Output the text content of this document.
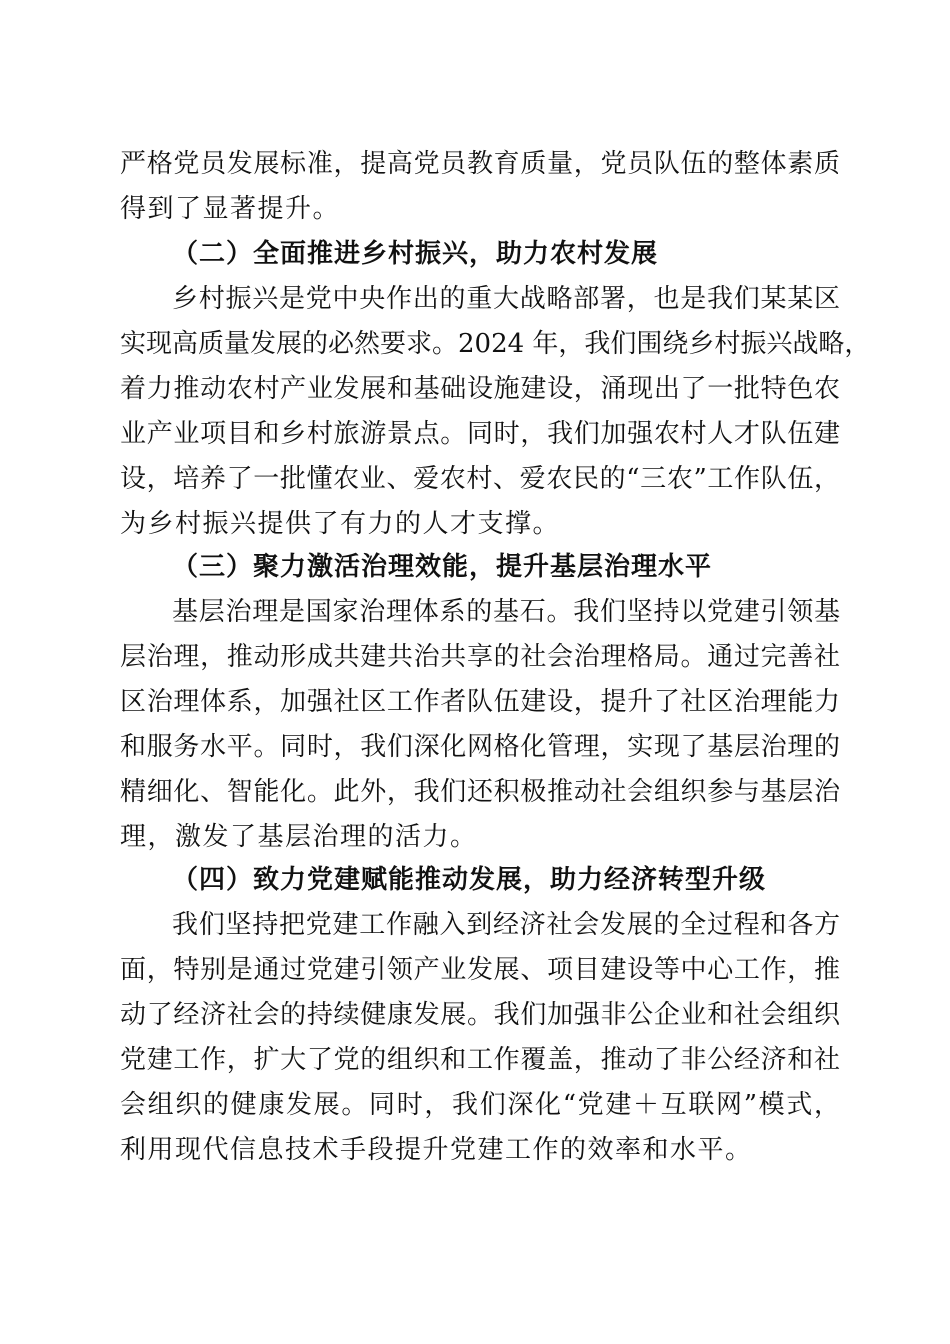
严格党员发展标准，提高党员教育质量，党员队伍的整体素质
得到了显著提升。
（二）全面推进乡村振兴，助力农村发展
乡村振兴是党中央作出的重大战略部署，也是我们某某区
实现高质量发展的必然要求。2024 年，我们围绕乡村振兴战略，
着力推动农村产业发展和基础设施建设，涌现出了一批特色农
业产业项目和乡村旅游景点。同时，我们加强农村人才队伍建
设，培养了一批懂农业、爱农村、爱农民的“三农”工作队伍，
为乡村振兴提供了有力的人才支撑。
（三）聚力激活治理效能，提升基层治理水平
基层治理是国家治理体系的基石。我们坚持以党建引领基
层治理，推动形成共建共治共享的社会治理格局。通过完善社
区治理体系，加强社区工作者队伍建设，提升了社区治理能力
和服务水平。同时，我们深化网格化管理，实现了基层治理的
精细化、智能化。此外，我们还积极推动社会组织参与基层治
理，激发了基层治理的活力。
（四）致力党建赋能推动发展，助力经济转型升级
我们坚持把党建工作融入到经济社会发展的全过程和各方
面，特别是通过党建引领产业发展、项目建设等中心工作，推
动了经济社会的持续健康发展。我们加强非公企业和社会组织
党建工作，扩大了党的组织和工作覆盖，推动了非公经济和社
会组织的健康发展。同时，我们深化“党建＋互联网”模式，
利用现代信息技术手段提升党建工作的效率和水平。
